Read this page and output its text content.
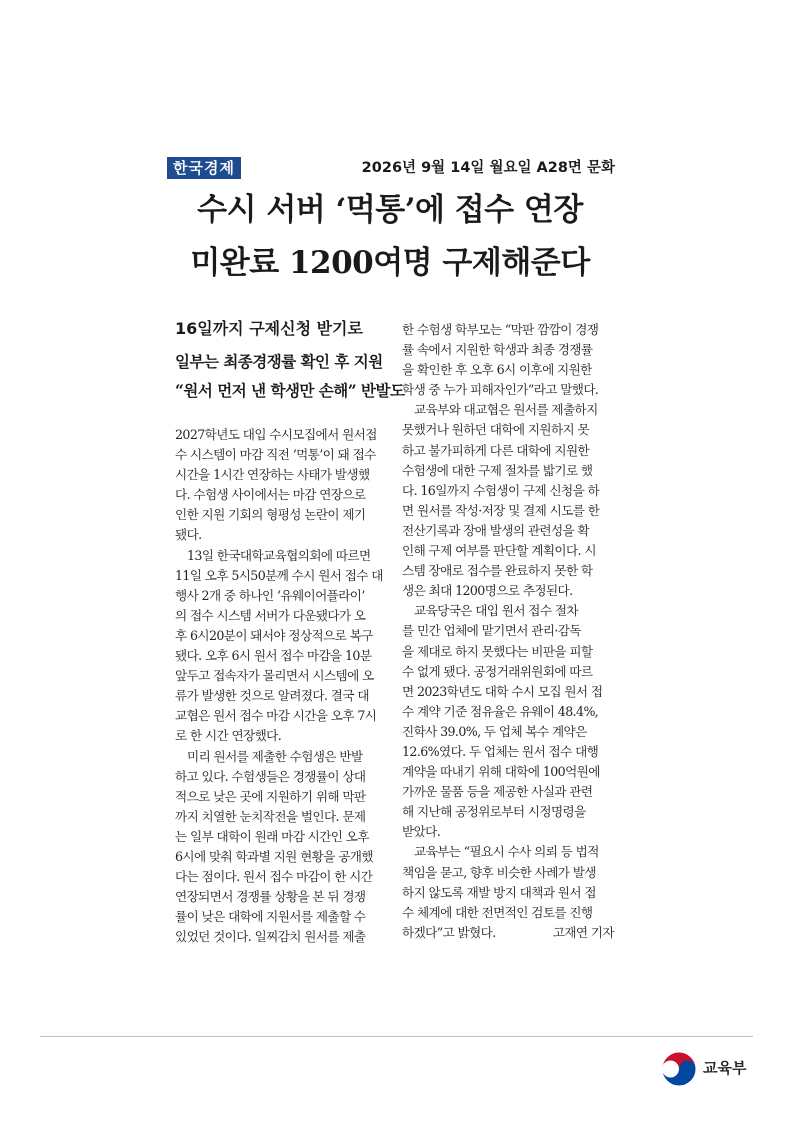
한국경제	2026년 9월 14일 월요일 A28면 문화
수시 서버 ‘먹통’에 접수 연장
미완료 1200여명 구제해준다
16일까지 구제신청 받기로
일부는 최종경쟁률 확인 후 지원
“원서 먼저 낸 학생만 손해” 반발도
2027학년도 대입 수시모집에서 원서접
수 시스템이 마감 직전 ‘먹통’이 돼 접수
시간을 1시간 연장하는 사태가 발생했
다. 수험생 사이에서는 마감 연장으로
인한 지원 기회의 형평성 논란이 제기
됐다.
13일 한국대학교육협의회에 따르면
11일 오후 5시50분께 수시 원서 접수 대
행사 2개 중 하나인 ‘유웨이어플라이’
의 접수 시스템 서버가 다운됐다가 오
후 6시20분이 돼서야 정상적으로 복구
됐다. 오후 6시 원서 접수 마감을 10분
앞두고 접속자가 몰리면서 시스템에 오
류가 발생한 것으로 알려졌다. 결국 대
교협은 원서 접수 마감 시간을 오후 7시
로 한 시간 연장했다.
미리 원서를 제출한 수험생은 반발
하고 있다. 수험생들은 경쟁률이 상대
적으로 낮은 곳에 지원하기 위해 막판
까지 치열한 눈치작전을 벌인다. 문제
는 일부 대학이 원래 마감 시간인 오후
6시에 맞춰 학과별 지원 현황을 공개했
다는 점이다. 원서 접수 마감이 한 시간
연장되면서 경쟁률 상황을 본 뒤 경쟁
률이 낮은 대학에 지원서를 제출할 수
있었던 것이다. 일찌감치 원서를 제출
한 수험생 학부모는 “막판 깜깜이 경쟁
률 속에서 지원한 학생과 최종 경쟁률
을 확인한 후 오후 6시 이후에 지원한
학생 중 누가 피해자인가”라고 말했다.
교육부와 대교협은 원서를 제출하지
못했거나 원하던 대학에 지원하지 못
하고 불가피하게 다른 대학에 지원한
수험생에 대한 구제 절차를 밟기로 했
다. 16일까지 수험생이 구제 신청을 하
면 원서를 작성·저장 및 결제 시도를 한
전산기록과 장애 발생의 관련성을 확
인해 구제 여부를 판단할 계획이다. 시
스템 장애로 접수를 완료하지 못한 학
생은 최대 1200명으로 추정된다.
교육당국은 대입 원서 접수 절차
를 민간 업체에 맡기면서 관리·감독
을 제대로 하지 못했다는 비판을 피할
수 없게 됐다. 공정거래위원회에 따르
면 2023학년도 대학 수시 모집 원서 접
수 계약 기준 점유율은 유웨이 48.4%,
진학사 39.0%, 두 업체 복수 계약은
12.6%였다. 두 업체는 원서 접수 대행
계약을 따내기 위해 대학에 100억원에
가까운 물품 등을 제공한 사실과 관련
해 지난해 공정위로부터 시정명령을
받았다.
교육부는 “필요시 수사 의뢰 등 법적
책임을 묻고, 향후 비슷한 사례가 발생
하지 않도록 재발 방지 대책과 원서 접
수 체계에 대한 전면적인 검토를 진행
하겠다”고 밝혔다.	고재연 기자
교육부
